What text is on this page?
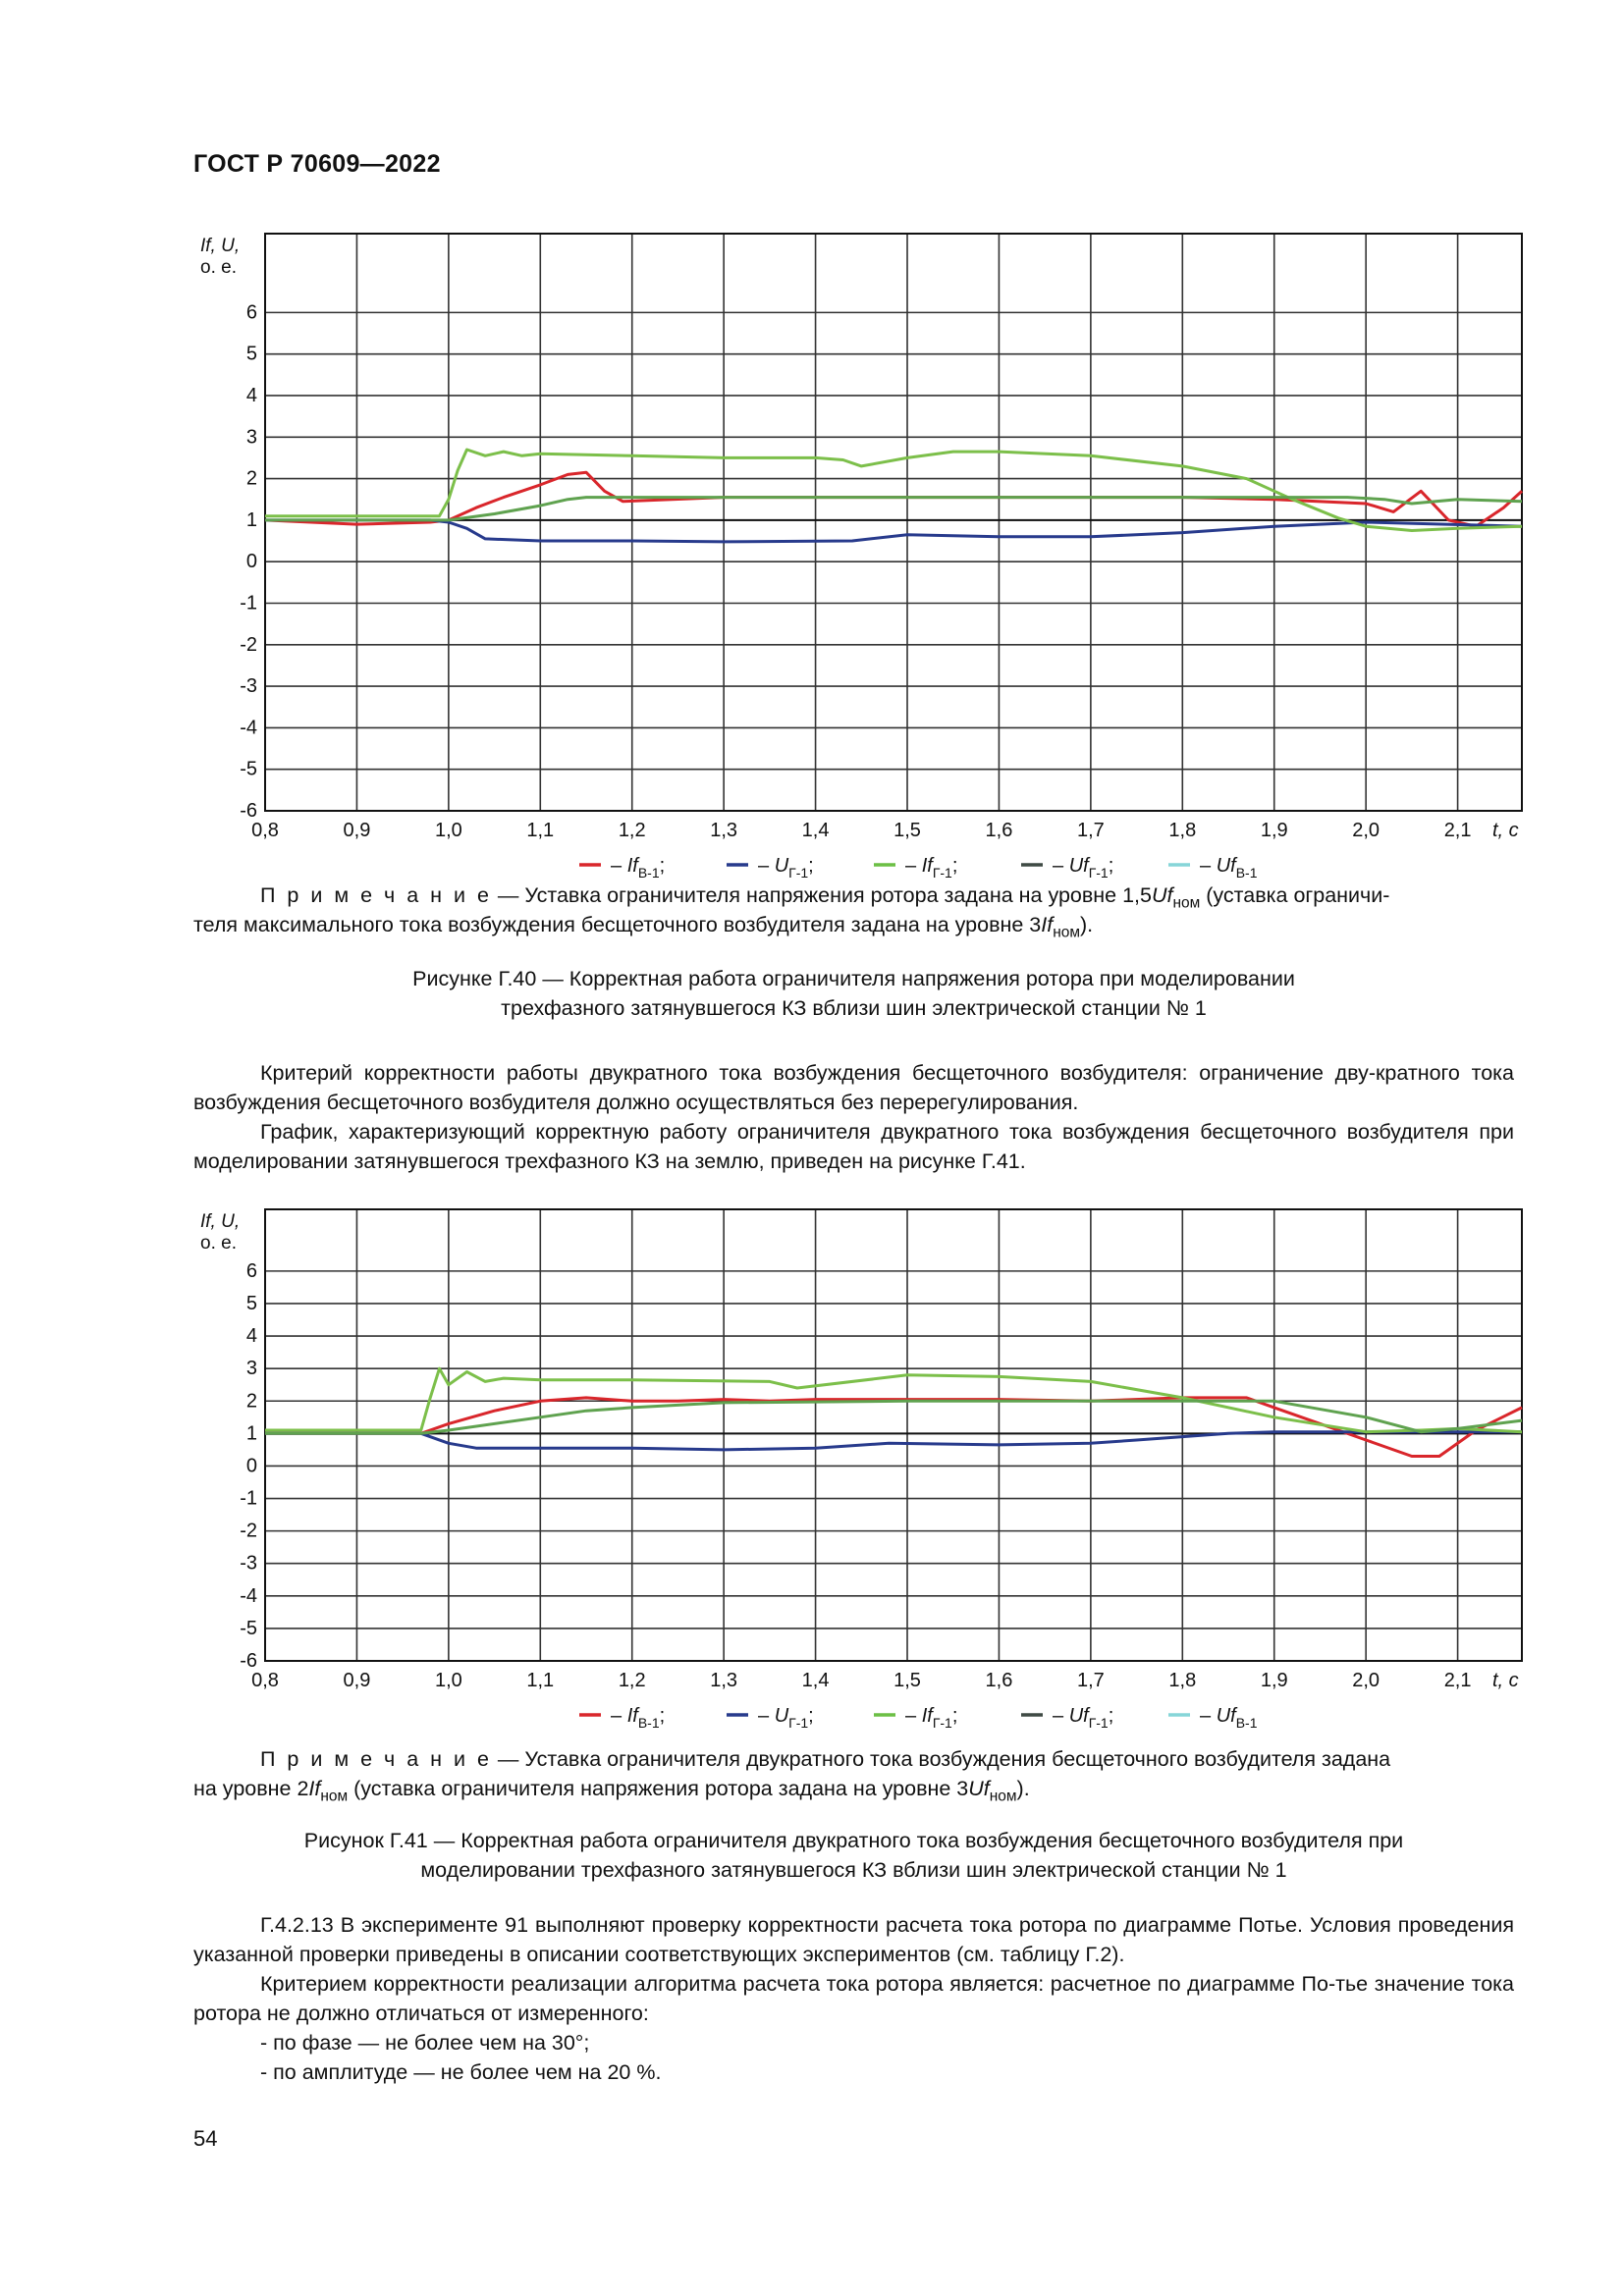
ГОСТ Р 70609—2022
0,8	0,9	1,0	1,1	1,2	1,3	1,4	1,5	1,6	1,7	1,8	1,9	2,0	2,1
6
5
4
3
2
1
0
-1
-2
-3
-4
-5
-6
If, U,
о. е.
t, с
– $If_{В-1}$;	– $U_{Г-1}$;	– $If_{Г-1}$;	– $Uf_{Г-1}$;	– $Uf_{В-1}$

П р и м е ч а н и е — Уставка ограничителя напряжения ротора задана на уровне $1,5Uf_{ном}$ (уставка ограничи-
теля максимального тока возбуждения бесщеточного возбудителя задана на уровне $3If_{ном}$).

Рисунке Г.40 — Корректная работа ограничителя напряжения ротора при моделировании

трехфазного затянувшегося КЗ вблизи шин электрической станции № 1

Критерий корректности работы двукратного тока возбуждения бесщеточного возбудителя: ограничение дву-кратного тока возбуждения бесщеточного возбудителя должно осуществляться без перерегулирования.

График, характеризующий корректную работу ограничителя двукратного тока возбуждения бесщеточного возбудителя при моделировании затянувшегося трехфазного КЗ на землю, приведен на рисунке Г.41.

0,8	0,9	1,0	1,1	1,2	1,3	1,4	1,5	1,6	1,7	1,8	1,9	2,0	2,1
6
5
4
3
2
1
0
-1
-2
-3
-4
-5
-6
If, U,
о. е.
t, с
– $If_{В-1}$;	– $U_{Г-1}$;	– $If_{Г-1}$;	– $Uf_{Г-1}$;	– $Uf_{В-1}$

П р и м е ч а н и е — Уставка ограничителя двукратного тока возбуждения бесщеточного возбудителя задана
на уровне $2If_{ном}$ (уставка ограничителя напряжения ротора задана на уровне $3Uf_{ном}$).

Рисунок Г.41 — Корректная работа ограничителя двукратного тока возбуждения бесщеточного возбудителя при

моделировании трехфазного затянувшегося КЗ вблизи шин электрической станции № 1

Г.4.2.13 В эксперименте 91 выполняют проверку корректности расчета тока ротора по диаграмме Потье. Условия проведения указанной проверки приведены в описании соответствующих экспериментов (см. таблицу Г.2).

Критерием корректности реализации алгоритма расчета тока ротора является: расчетное по диаграмме По-тье значение тока ротора не должно отличаться от измеренного:

- по фазе — не более чем на 30°;

- по амплитуде — не более чем на 20 %.

54
